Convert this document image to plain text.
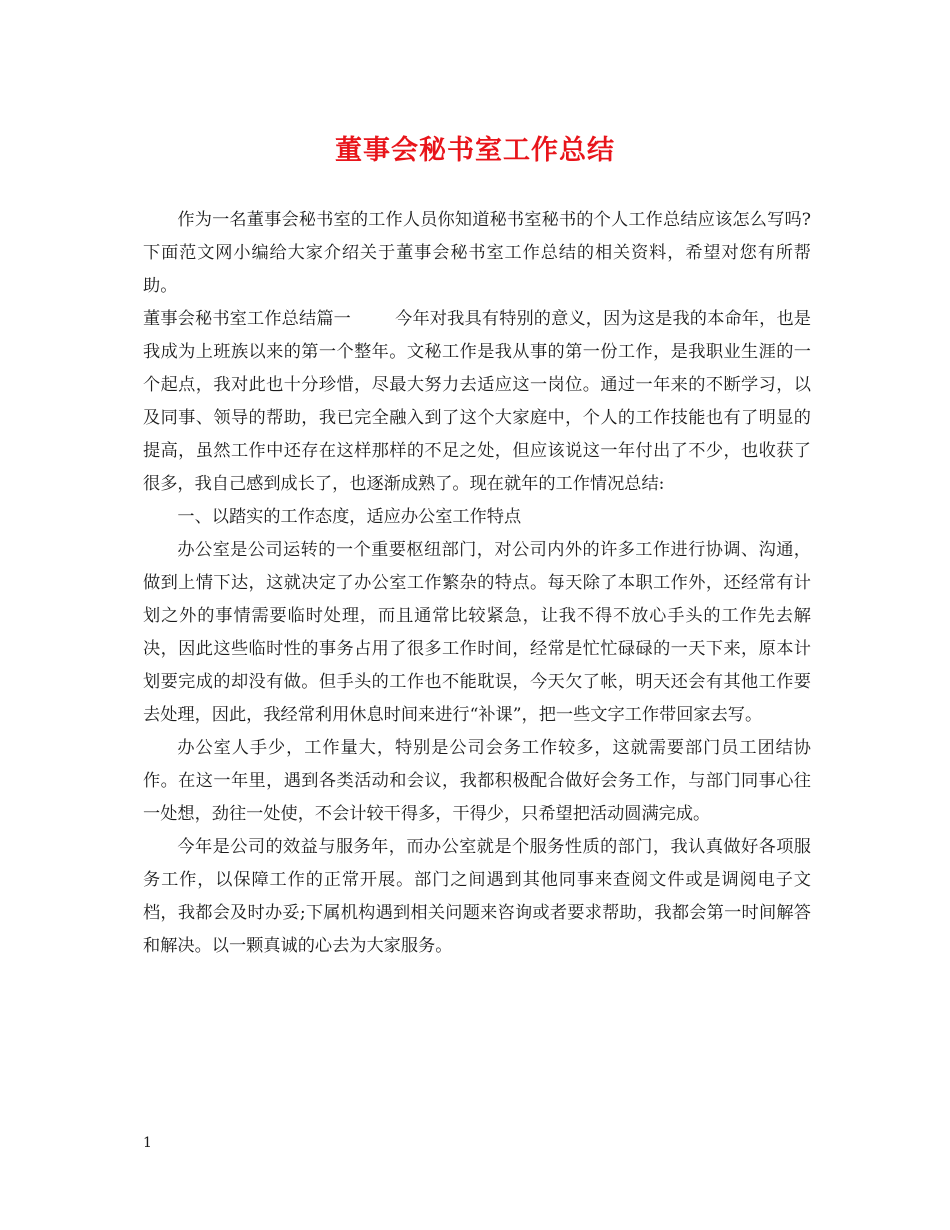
董事会秘书室工作总结

作为一名董事会秘书室的工作人员你知道秘书室秘书的个人工作总结应该怎么写吗?下面范文网小编给大家介绍关于董事会秘书室工作总结的相关资料，希望对您有所帮助。

董事会秘书室工作总结篇一	今年对我具有特别的意义，因为这是我的本命年，也是我成为上班族以来的第一个整年。文秘工作是我从事的第一份工作，是我职业生涯的一个起点，我对此也十分珍惜，尽最大努力去适应这一岗位。通过一年来的不断学习，以及同事、领导的帮助，我已完全融入到了这个大家庭中，个人的工作技能也有了明显的提高，虽然工作中还存在这样那样的不足之处，但应该说这一年付出了不少，也收获了很多，我自己感到成长了，也逐渐成熟了。现在就年的工作情况总结:

一、以踏实的工作态度，适应办公室工作特点

办公室是公司运转的一个重要枢纽部门，对公司内外的许多工作进行协调、沟通，做到上情下达，这就决定了办公室工作繁杂的特点。每天除了本职工作外，还经常有计划之外的事情需要临时处理，而且通常比较紧急，让我不得不放心手头的工作先去解决，因此这些临时性的事务占用了很多工作时间，经常是忙忙碌碌的一天下来，原本计划要完成的却没有做。但手头的工作也不能耽误，今天欠了帐，明天还会有其他工作要去处理，因此，我经常利用休息时间来进行“补课”，把一些文字工作带回家去写。

办公室人手少，工作量大，特别是公司会务工作较多，这就需要部门员工团结协作。在这一年里，遇到各类活动和会议，我都积极配合做好会务工作，与部门同事心往一处想，劲往一处使，不会计较干得多，干得少，只希望把活动圆满完成。

今年是公司的效益与服务年，而办公室就是个服务性质的部门，我认真做好各项服务工作，以保障工作的正常开展。部门之间遇到其他同事来查阅文件或是调阅电子文档，我都会及时办妥;下属机构遇到相关问题来咨询或者要求帮助，我都会第一时间解答和解决。以一颗真诚的心去为大家服务。

1
